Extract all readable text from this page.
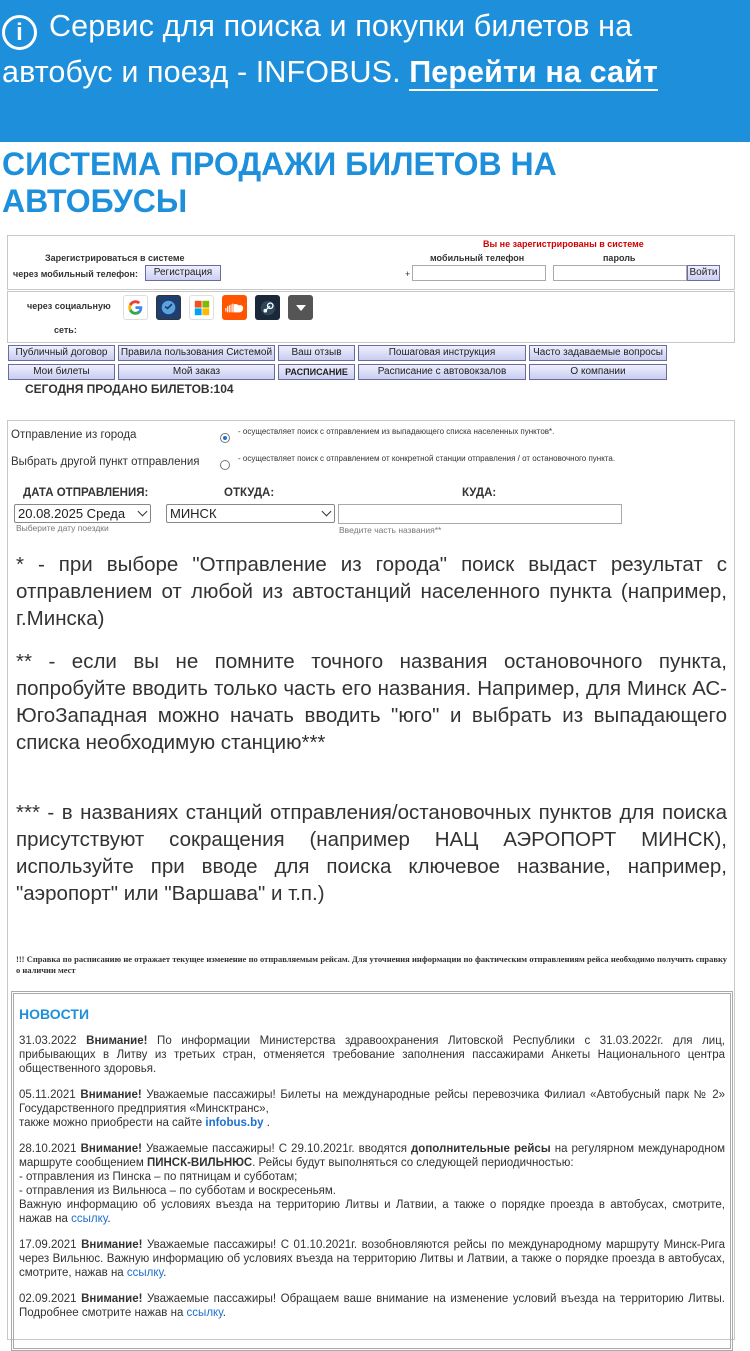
i Сервис для поиска и покупки билетов на автобус и поезд - INFOBUS. Перейти на сайт
СИСТЕМА ПРОДАЖИ БИЛЕТОВ НА АВТОБУСЫ
Вы не зарегистрированы в системе
Зарегистрироваться в системе	мобильный телефон	пароль
через мобильный телефон:	Регистрация	+	Войти
через социальную
сеть:
Публичный договор	Правила пользования Системой	Ваш отзыв	Пошаговая инструкция	Часто задаваемые вопросы
Мои билеты	Мой заказ	РАСПИСАНИЕ	Расписание с автовокзалов	О компании
СЕГОДНЯ ПРОДАНО БИЛЕТОВ:104
Отправление из города	- осуществляет поиск с отправлением из выпадающего списка населенных пунктов*.
Выбрать другой пункт отправления	- осуществляет поиск с отправлением от конкретной станции отправления / от остановочного пункта.
ДАТА ОТПРАВЛЕНИЯ:	ОТКУДА:	КУДА:
20.08.2025 Среда	МИНСК
Выберите дату поездки	Введите часть названия**
* - при выборе "Отправление из города" поиск выдаст результат с отправлением от любой из автостанций населенного пункта (например, г.Минска)
** - если вы не помните точного названия остановочного пункта, попробуйте вводить только часть его названия. Например, для Минск АС-ЮгоЗападная можно начать вводить "юго" и выбрать из выпадающего списка необходимую станцию***
*** - в названиях станций отправления/остановочных пунктов для поиска присутствуют сокращения (например НАЦ АЭРОПОРТ МИНСК), используйте при вводе для поиска ключевое название, например, "аэропорт" или "Варшава" и т.п.)
!!! Справка по расписанию не отражает текущее изменение по отправляемым рейсам. Для уточнения информации по фактическим отправлениям рейса необходимо получить справку о наличии мест
НОВОСТИ

31.03.2022 Внимание! По информации Министерства здравоохранения Литовской Республики с 31.03.2022г. для лиц, прибывающих в Литву из третьих стран, отменяется требование заполнения пассажирами Анкеты Национального центра общественного здоровья.

05.11.2021 Внимание! Уважаемые пассажиры! Билеты на международные рейсы перевозчика Филиал «Автобусный парк № 2» Государственного предприятия «Минсктранс»,
также можно приобрести на сайте infobus.by .

28.10.2021 Внимание! Уважаемые пассажиры! С 29.10.2021г. вводятся дополнительные рейсы на регулярном международном маршруте сообщением ПИНСК-ВИЛЬНЮС. Рейсы будут выполняться со следующей периодичностью:
- отправления из Пинска – по пятницам и субботам;
- отправления из Вильнюса – по субботам и воскресеньям.
Важную информацию об условиях въезда на территорию Литвы и Латвии, а также о порядке проезда в автобусах, смотрите, нажав на ссылку.

17.09.2021 Внимание! Уважаемые пассажиры! С 01.10.2021г. возобновляются рейсы по международному маршруту Минск-Рига через Вильнюс. Важную информацию об условиях въезда на территорию Литвы и Латвии, а также о порядке проезда в автобусах, смотрите, нажав на ссылку.

02.09.2021 Внимание! Уважаемые пассажиры! Обращаем ваше внимание на изменение условий въезда на территорию Литвы. Подробнее смотрите нажав на ссылку.
